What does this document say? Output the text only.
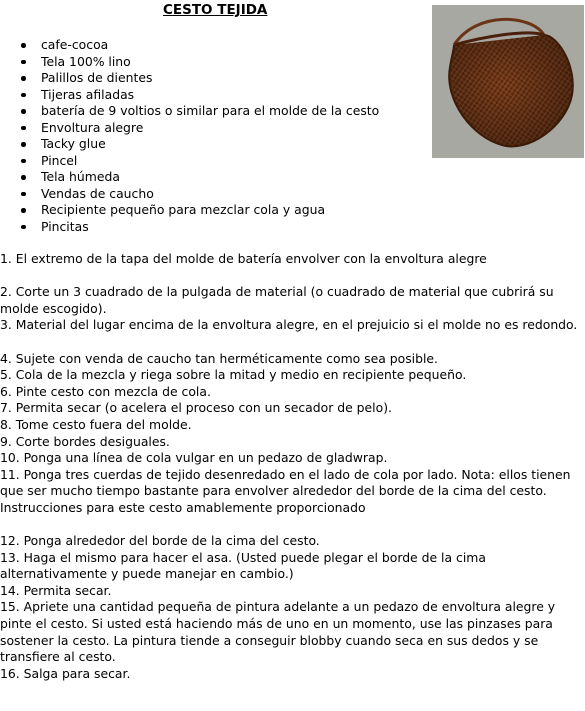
CESTO TEJIDA
cafe-cocoa
Tela 100% lino
Palillos de dientes
Tijeras afiladas
batería de 9 voltios o similar para el molde de la cesto
Envoltura alegre
Tacky glue
Pincel
Tela húmeda
Vendas de caucho
Recipiente pequeño para mezclar cola y agua
Pincitas

1. El extremo de la tapa del molde de batería envolver con la envoltura alegre

2. Corte un 3 cuadrado de la pulgada de material (o cuadrado de material que cubrirá su molde escogido).

3. Material del lugar encima de la envoltura alegre, en el prejuicio si el molde no es redondo.

4. Sujete con venda de caucho tan herméticamente como sea posible.

5. Cola de la mezcla y riega sobre la mitad y medio en recipiente pequeño.

6. Pinte cesto con mezcla de cola.

7. Permita secar (o acelera el proceso con un secador de pelo).

8. Tome cesto fuera del molde.

9. Corte bordes desiguales.

10. Ponga una línea de cola vulgar en un pedazo de gladwrap.

11. Ponga tres cuerdas de tejido desenredado en el lado de cola por lado. Nota: ellos tienen que ser mucho tiempo bastante para envolver alrededor del borde de la cima del cesto. Instrucciones para este cesto amablemente proporcionado

12. Ponga alrededor del borde de la cima del cesto.

13. Haga el mismo para hacer el asa. (Usted puede plegar el borde de la cima alternativamente y puede manejar en cambio.)

14. Permita secar.

15. Apriete una cantidad pequeña de pintura adelante a un pedazo de envoltura alegre y pinte el cesto. Si usted está haciendo más de uno en un momento, use las pinzases para sostener la cesto. La pintura tiende a conseguir blobby cuando seca en sus dedos y se transfiere al cesto.

16. Salga para secar.
